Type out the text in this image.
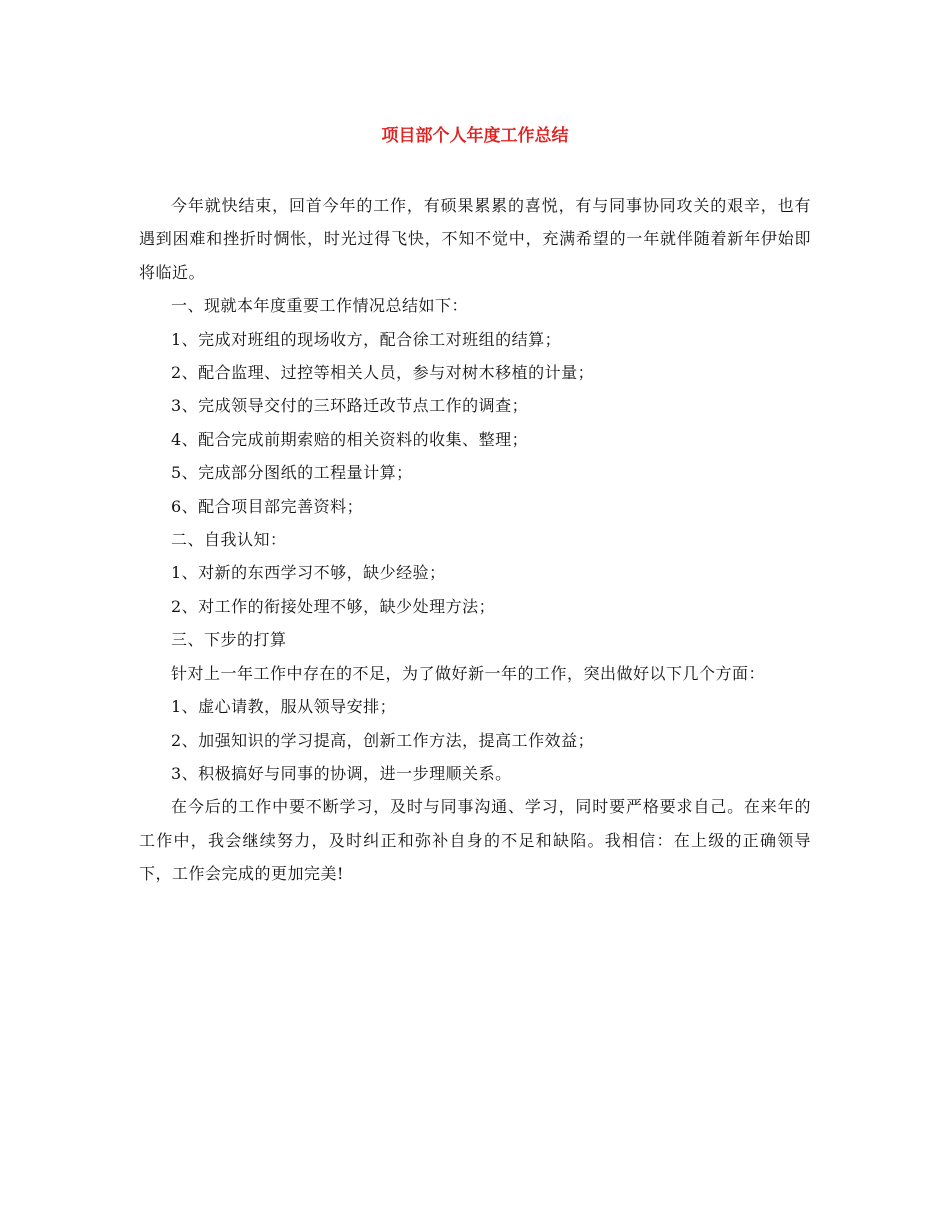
项目部个人年度工作总结

今年就快结束，回首今年的工作，有硕果累累的喜悦，有与同事协同攻关的艰辛，也有遇到困难和挫折时惆怅，时光过得飞快，不知不觉中，充满希望的一年就伴随着新年伊始即将临近。

一、现就本年度重要工作情况总结如下：

1、完成对班组的现场收方，配合徐工对班组的结算；

2、配合监理、过控等相关人员，参与对树木移植的计量；

3、完成领导交付的三环路迁改节点工作的调查；

4、配合完成前期索赔的相关资料的收集、整理；

5、完成部分图纸的工程量计算；

6、配合项目部完善资料；

二、自我认知：

1、对新的东西学习不够，缺少经验；

2、对工作的衔接处理不够，缺少处理方法；

三、下步的打算

针对上一年工作中存在的不足，为了做好新一年的工作，突出做好以下几个方面：

1、虚心请教，服从领导安排；

2、加强知识的学习提高，创新工作方法，提高工作效益；

3、积极搞好与同事的协调，进一步理顺关系。

在今后的工作中要不断学习，及时与同事沟通、学习，同时要严格要求自己。在来年的工作中，我会继续努力，及时纠正和弥补自身的不足和缺陷。我相信：在上级的正确领导下，工作会完成的更加完美!
